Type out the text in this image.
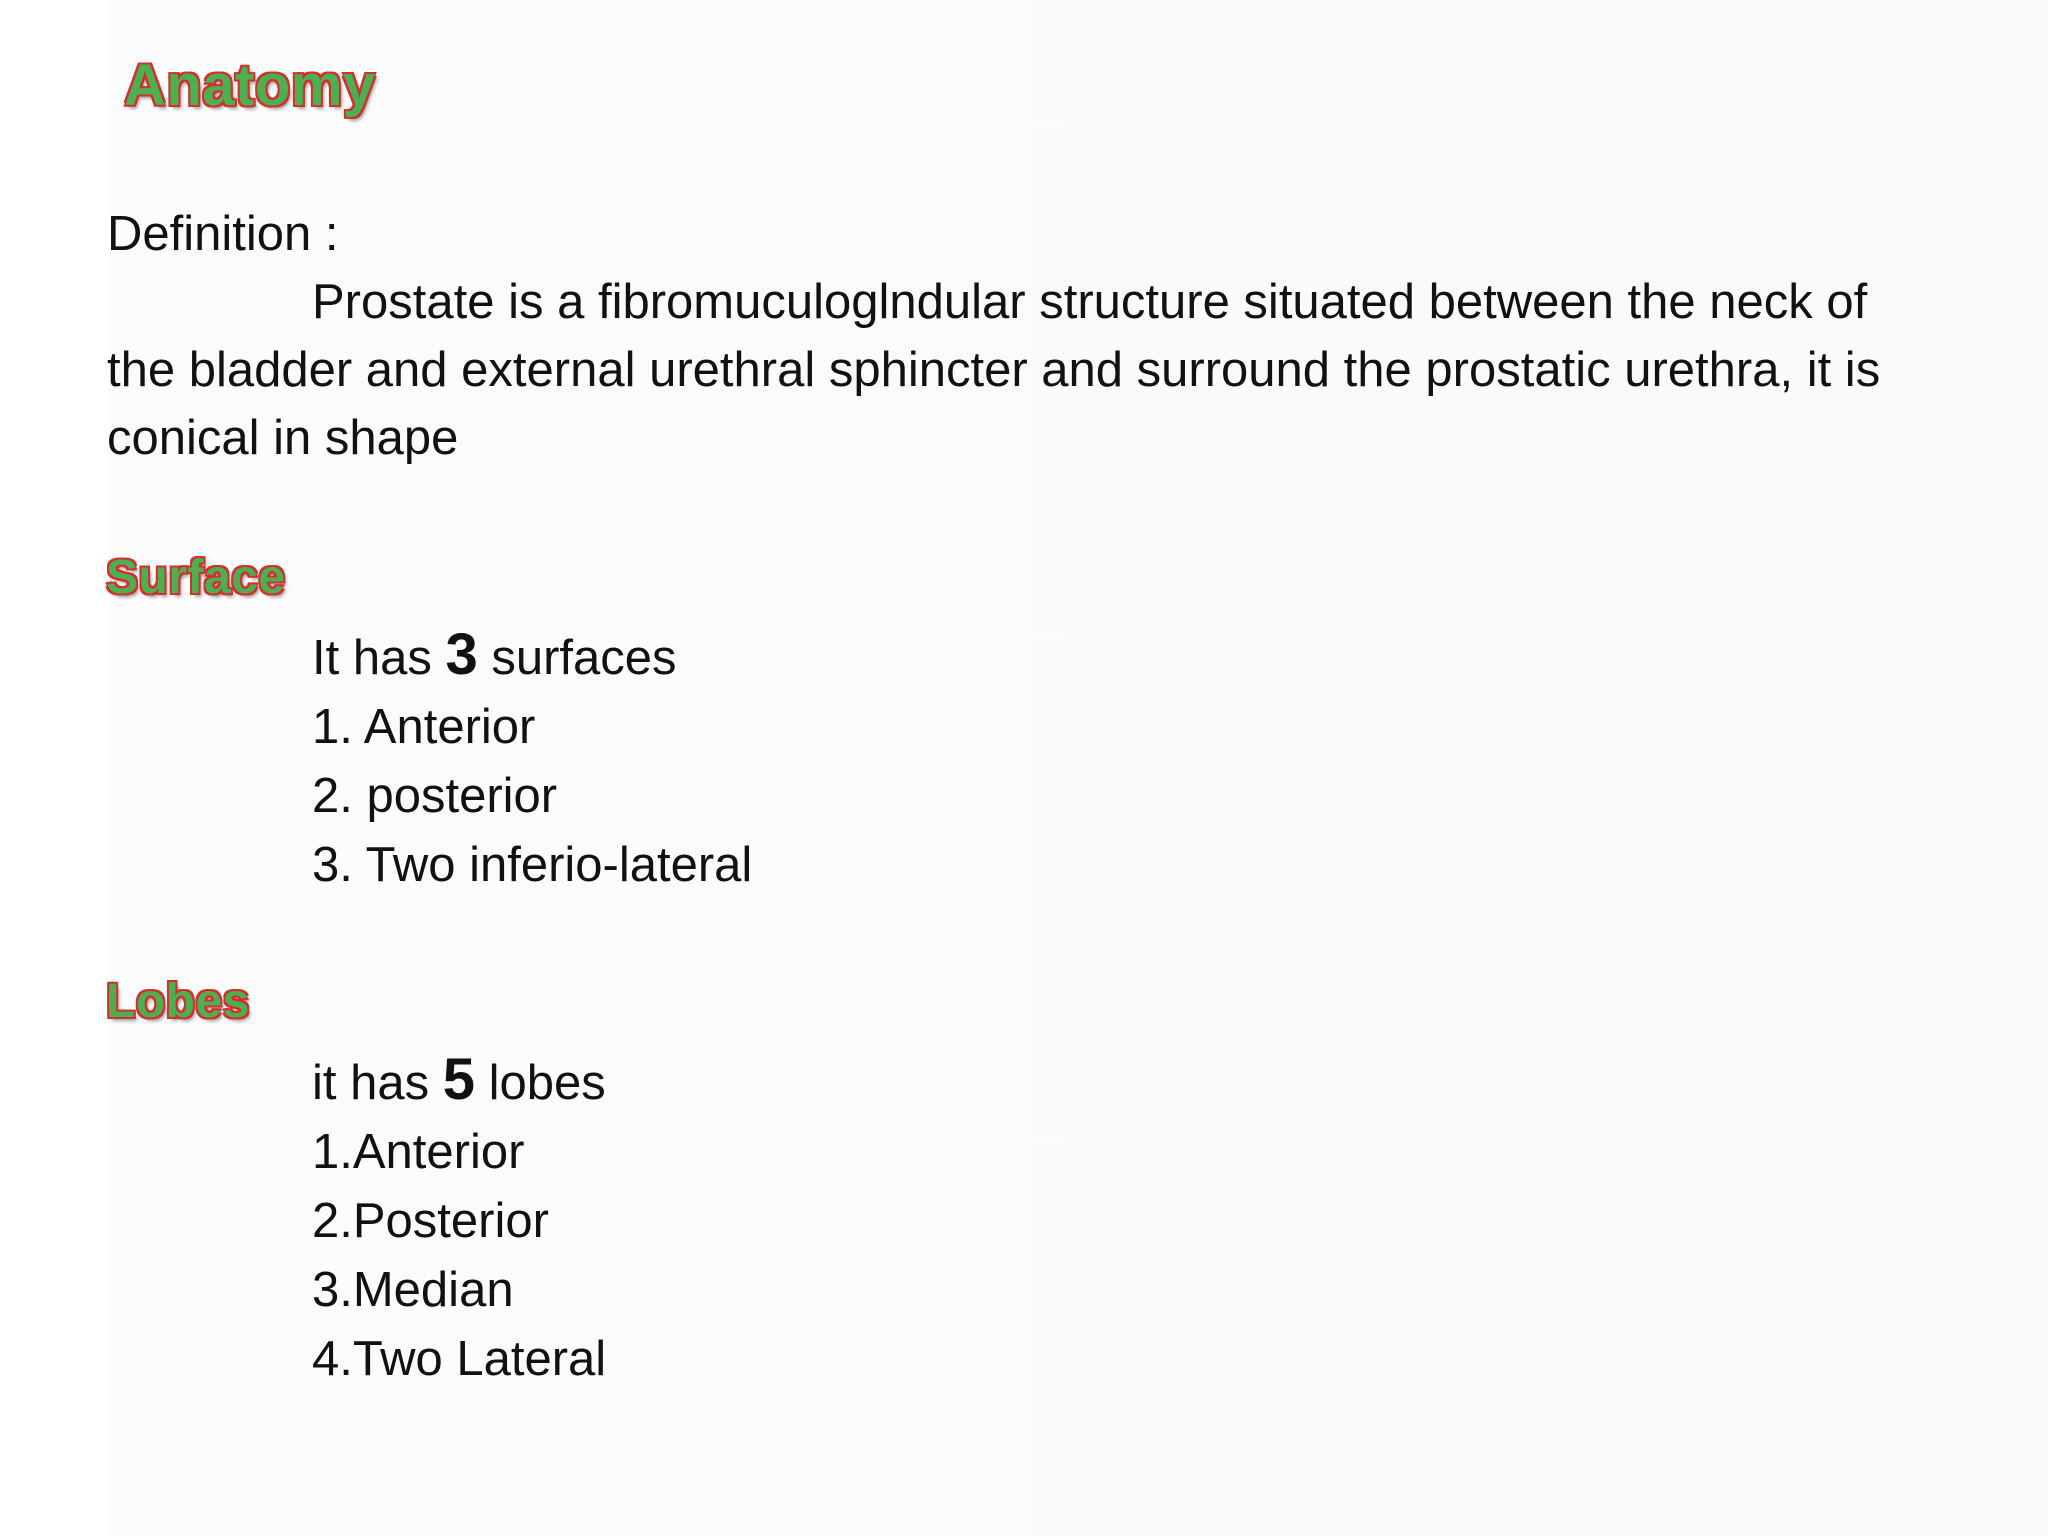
Anatomy
Definition :
Prostate is a fibromuculoglndular structure situated between the neck of
the bladder and external urethral sphincter and surround the prostatic urethra, it is
conical in shape
Surface
It has 3 surfaces
1. Anterior
2. posterior
3. Two inferio-lateral
Lobes
it has 5 lobes
1.Anterior
2.Posterior
3.Median
4.Two Lateral
